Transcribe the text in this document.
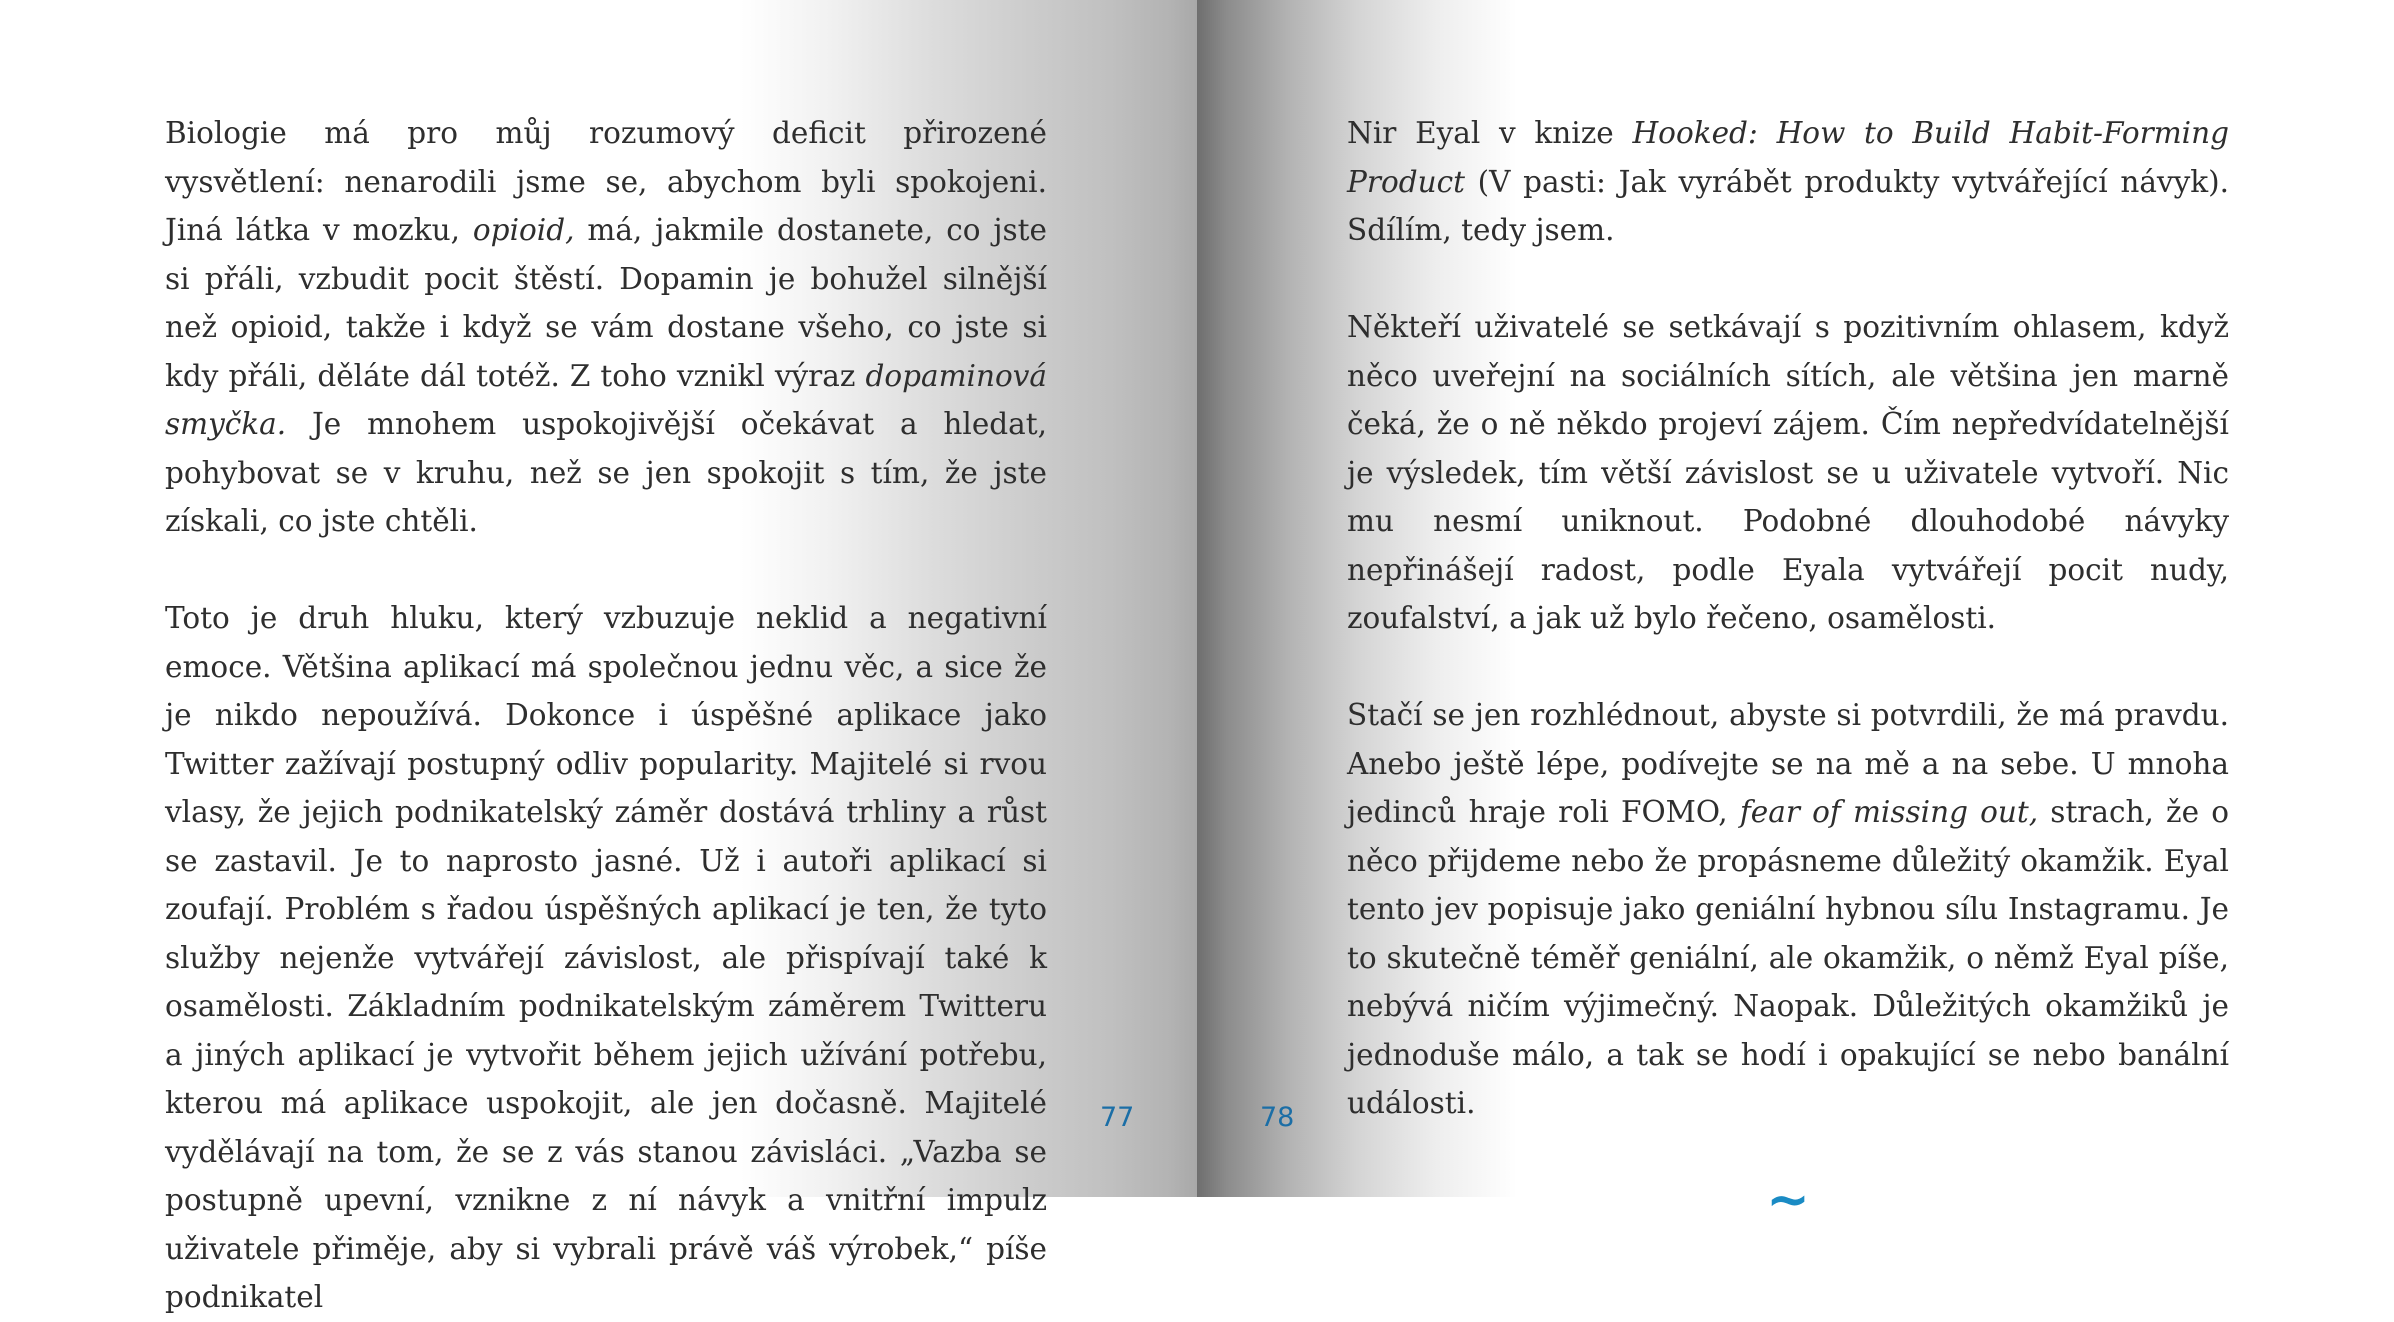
Biologie má pro můj rozumový deficit přirozené vysvětlení: nenarodili jsme se, abychom byli spokojeni. Jiná látka v mozku, opioid, má, jakmile dostanete, co jste si přáli, vzbudit pocit štěstí. Dopamin je bohužel silnější než opioid, takže i když se vám dostane všeho, co jste si kdy přáli, děláte dál totéž. Z toho vznikl výraz dopaminová smyčka. Je mnohem uspokojivější očekávat a hledat, pohybovat se v kruhu, než se jen spokojit s tím, že jste získali, co jste chtěli.

Toto je druh hluku, který vzbuzuje neklid a negativní emoce. Většina aplikací má společnou jednu věc, a sice že je nikdo nepoužívá. Dokonce i úspěšné aplikace jako Twitter zažívají postupný odliv popularity. Majitelé si rvou vlasy, že jejich podnikatelský záměr dostává trhliny a růst se zastavil. Je to naprosto jasné. Už i autoři aplikací si zoufají. Problém s řadou úspěšných aplikací je ten, že tyto služby nejenže vytvářejí závislost, ale přispívají také k osamělosti. Základním podnikatelským záměrem Twitteru a jiných aplikací je vytvořit během jejich užívání potřebu, kterou má aplikace uspokojit, ale jen dočasně. Majitelé vydělávají na tom, že se z vás stanou závisláci. „Vazba se postupně upevní, vznikne z ní návyk a vnitřní impulz uživatele přiměje, aby si vybrali právě váš výrobek,“ píše podnikatel

77

Nir Eyal v knize Hooked: How to Build Habit-Forming Product (V pasti: Jak vyrábět produkty vytvářející návyk). Sdílím, tedy jsem.

Někteří uživatelé se setkávají s pozitivním ohlasem, když něco uveřejní na sociálních sítích, ale většina jen marně čeká, že o ně někdo projeví zájem. Čím nepředvídatelnější je výsledek, tím větší závislost se u uživatele vytvoří. Nic mu nesmí uniknout. Podobné dlouhodobé návyky nepřinášejí radost, podle Eyala vytvářejí pocit nudy, zoufalství, a jak už bylo řečeno, osamělosti.

Stačí se jen rozhlédnout, abyste si potvrdili, že má pravdu. Anebo ještě lépe, podívejte se na mě a na sebe. U mnoha jedinců hraje roli FOMO, fear of missing out, strach, že o něco přijdeme nebo že propásneme důležitý okamžik. Eyal tento jev popisuje jako geniální hybnou sílu Instagramu. Je to skutečně téměř geniální, ale okamžik, o němž Eyal píše, nebývá ničím výjimečný. Naopak. Důležitých okamžiků je jednoduše málo, a tak se hodí i opakující se nebo banální události.

~
78
